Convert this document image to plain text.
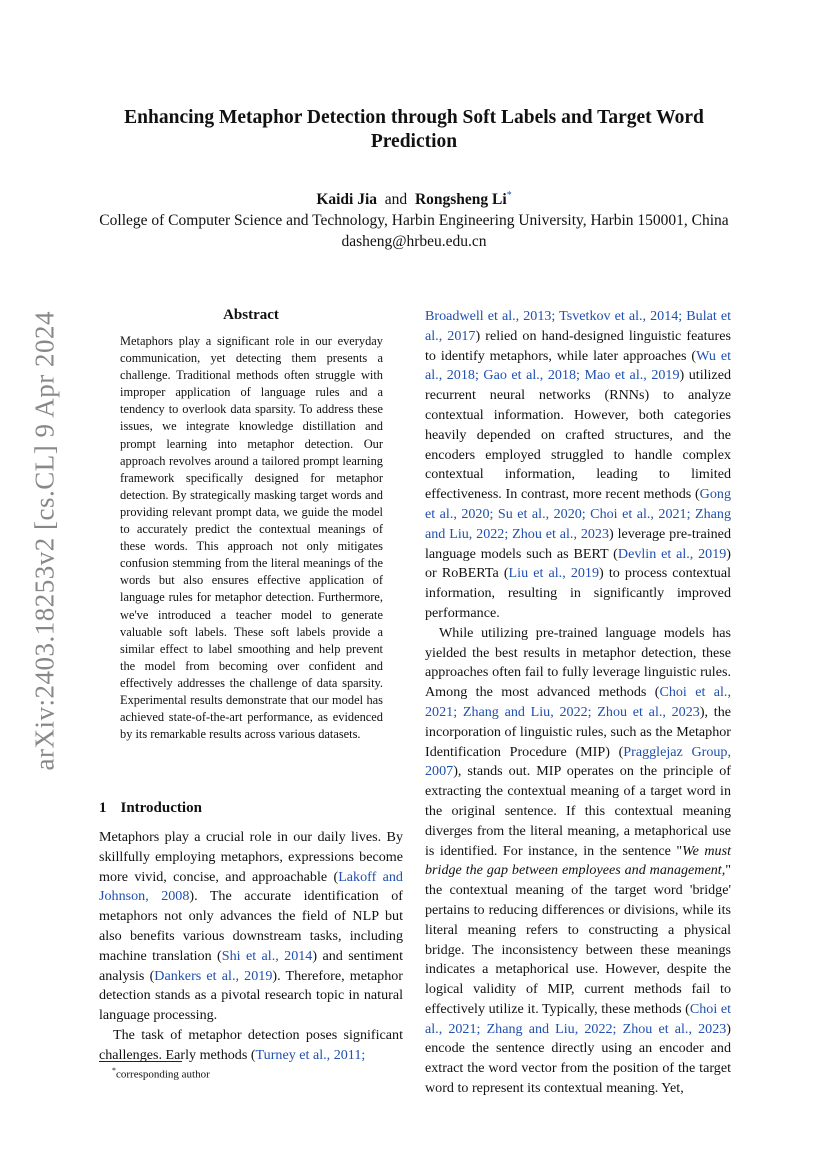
arXiv:2403.18253v2 [cs.CL] 9 Apr 2024
Enhancing Metaphor Detection through Soft Labels and Target Word Prediction
Kaidi Jia and Rongsheng Li*
College of Computer Science and Technology, Harbin Engineering University, Harbin 150001, China
dasheng@hrbeu.edu.cn
Abstract
Metaphors play a significant role in our everyday communication, yet detecting them presents a challenge. Traditional methods often struggle with improper application of language rules and a tendency to overlook data sparsity. To address these issues, we integrate knowledge distillation and prompt learning into metaphor detection. Our approach revolves around a tailored prompt learning framework specifically designed for metaphor detection. By strategically masking target words and providing relevant prompt data, we guide the model to accurately predict the contextual meanings of these words. This approach not only mitigates confusion stemming from the literal meanings of the words but also ensures effective application of language rules for metaphor detection. Furthermore, we've introduced a teacher model to generate valuable soft labels. These soft labels provide a similar effect to label smoothing and help prevent the model from becoming over confident and effectively addresses the challenge of data sparsity. Experimental results demonstrate that our model has achieved state-of-the-art performance, as evidenced by its remarkable results across various datasets.
1 Introduction

Metaphors play a crucial role in our daily lives. By skillfully employing metaphors, expressions become more vivid, concise, and approachable (Lakoff and Johnson, 2008). The accurate identification of metaphors not only advances the field of NLP but also benefits various downstream tasks, including machine translation (Shi et al., 2014) and sentiment analysis (Dankers et al., 2019). Therefore, metaphor detection stands as a pivotal research topic in natural language processing.

The task of metaphor detection poses significant challenges. Early methods (Turney et al., 2011;

Broadwell et al., 2013; Tsvetkov et al., 2014; Bulat et al., 2017) relied on hand-designed linguistic features to identify metaphors, while later approaches (Wu et al., 2018; Gao et al., 2018; Mao et al., 2019) utilized recurrent neural networks (RNNs) to analyze contextual information. However, both categories heavily depended on crafted structures, and the encoders employed struggled to handle complex contextual information, leading to limited effectiveness. In contrast, more recent methods (Gong et al., 2020; Su et al., 2020; Choi et al., 2021; Zhang and Liu, 2022; Zhou et al., 2023) leverage pre-trained language models such as BERT (Devlin et al., 2019) or RoBERTa (Liu et al., 2019) to process contextual information, resulting in significantly improved performance.

While utilizing pre-trained language models has yielded the best results in metaphor detection, these approaches often fail to fully leverage linguistic rules. Among the most advanced methods (Choi et al., 2021; Zhang and Liu, 2022; Zhou et al., 2023), the incorporation of linguistic rules, such as the Metaphor Identification Procedure (MIP) (Pragglejaz Group, 2007), stands out. MIP operates on the principle of extracting the contextual meaning of a target word in the original sentence. If this contextual meaning diverges from the literal meaning, a metaphorical use is identified. For instance, in the sentence "We must bridge the gap between employees and management," the contextual meaning of the target word 'bridge' pertains to reducing differences or divisions, while its literal meaning refers to constructing a physical bridge. The inconsistency between these meanings indicates a metaphorical use. However, despite the logical validity of MIP, current methods fail to effectively utilize it. Typically, these methods (Choi et al., 2021; Zhang and Liu, 2022; Zhou et al., 2023) encode the sentence directly using an encoder and extract the word vector from the position of the target word to represent its contextual meaning. Yet,

*corresponding author
